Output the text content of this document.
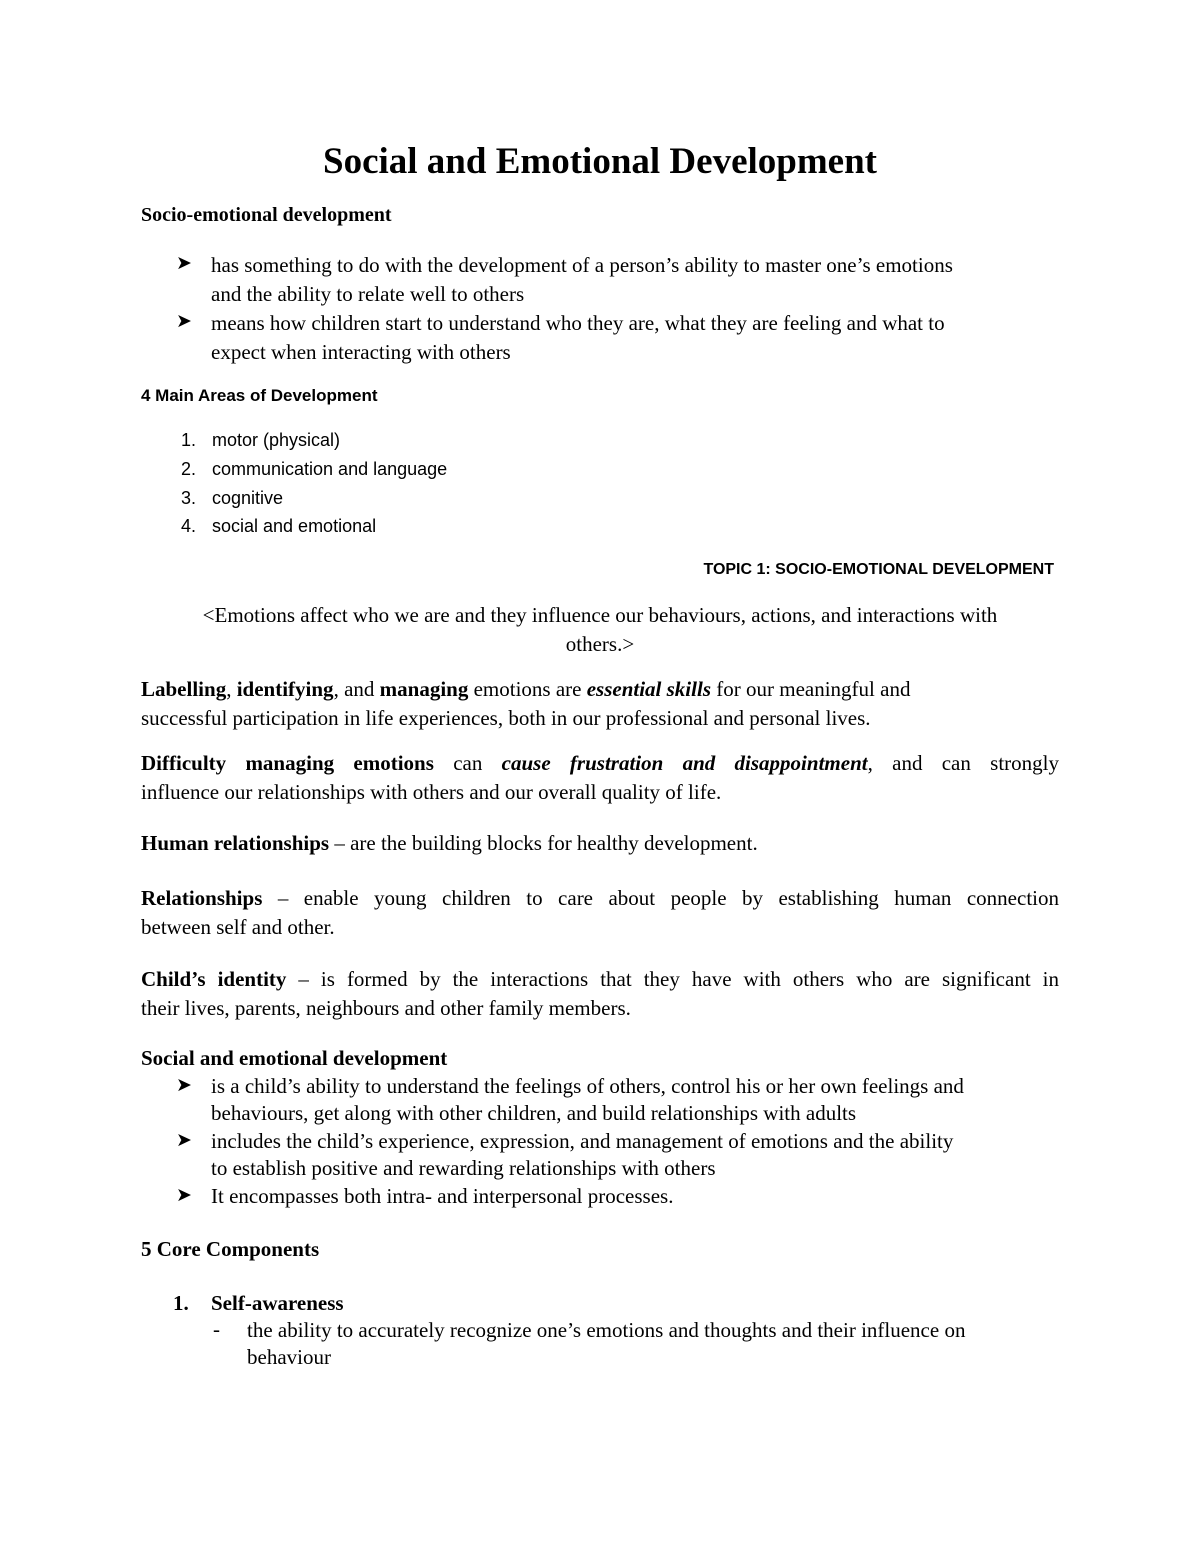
Social and Emotional Development
Socio-emotional development
➤ has something to do with the development of a person’s ability to master one’s emotions
and the ability to relate well to others
➤ means how children start to understand who they are, what they are feeling and what to
expect when interacting with others
4 Main Areas of Development
1. motor (physical)
2. communication and language
3. cognitive
4. social and emotional
TOPIC 1: SOCIO-EMOTIONAL DEVELOPMENT
<Emotions affect who we are and they influence our behaviours, actions, and interactions with
others.>
Labelling, identifying, and managing emotions are essential skills for our meaningful and
successful participation in life experiences, both in our professional and personal lives.
Difficulty managing emotions can cause frustration and disappointment, and can strongly
influence our relationships with others and our overall quality of life.
Human relationships – are the building blocks for healthy development.
Relationships – enable young children to care about people by establishing human connection
between self and other.
Child’s identity – is formed by the interactions that they have with others who are significant in
their lives, parents, neighbours and other family members.
Social and emotional development
➤ is a child’s ability to understand the feelings of others, control his or her own feelings and
behaviours, get along with other children, and build relationships with adults
➤ includes the child’s experience, expression, and management of emotions and the ability
to establish positive and rewarding relationships with others
➤ It encompasses both intra- and interpersonal processes.
5 Core Components
1. Self-awareness
- the ability to accurately recognize one’s emotions and thoughts and their influence on
behaviour
